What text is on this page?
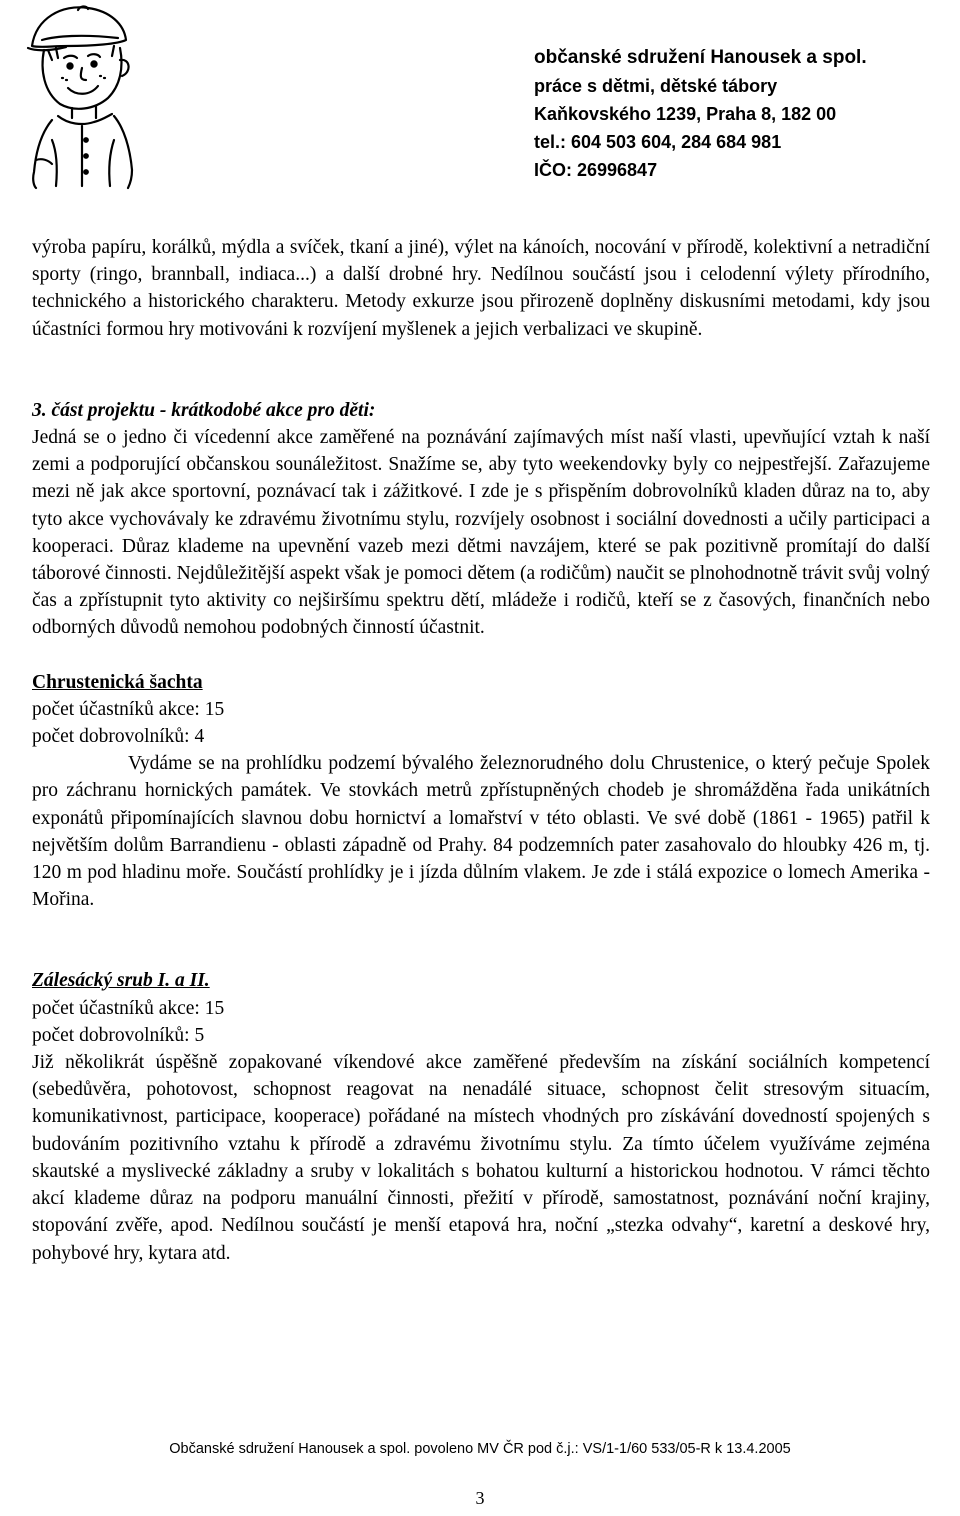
občanské sdružení Hanousek a spol.
práce s dětmi, dětské tábory
Kaňkovského 1239, Praha 8, 182 00
tel.: 604 503 604, 284 684 981
IČO: 26996847

výroba papíru, korálků, mýdla a svíček, tkaní a jiné), výlet na kánoích, nocování v přírodě, kolektivní a netradiční sporty (ringo, brannball, indiaca...) a další drobné hry. Nedílnou součástí jsou i celodenní výlety přírodního, technického a historického charakteru. Metody exkurze jsou přirozeně doplněny diskusními metodami, kdy jsou účastníci formou hry motivováni k rozvíjení myšlenek a jejich verbalizaci ve skupině.

3. část projektu - krátkodobé akce pro děti:

Jedná se o jedno či vícedenní akce zaměřené na poznávání zajímavých míst naší vlasti, upevňující vztah k naší zemi a podporující občanskou sounáležitost. Snažíme se, aby tyto weekendovky byly co nejpestřejší. Zařazujeme mezi ně jak akce sportovní, poznávací tak i zážitkové. I zde je s přispěním dobrovolníků kladen důraz na to, aby tyto akce vychovávaly ke zdravému životnímu stylu, rozvíjely osobnost i sociální dovednosti a učily participaci a kooperaci. Důraz klademe na upevnění vazeb mezi dětmi navzájem, které se pak pozitivně promítají do další táborové činnosti. Nejdůležitější aspekt však je pomoci dětem (a rodičům) naučit se plnohodnotně trávit svůj volný čas a zpřístupnit tyto aktivity co nejširšímu spektru dětí, mládeže i rodičů, kteří se z časových, finančních nebo odborných důvodů nemohou podobných činností účastnit.

Chrustenická šachta

počet účastníků akce: 15

počet dobrovolníků: 4

Vydáme se na prohlídku podzemí bývalého železnorudného dolu Chrustenice, o který pečuje Spolek pro záchranu hornických památek. Ve stovkách metrů zpřístupněných chodeb je shromážděna řada unikátních exponátů připomínajících slavnou dobu hornictví a lomařství v této oblasti. Ve své době (1861 - 1965) patřil k největším dolům Barrandienu - oblasti západně od Prahy. 84 podzemních pater zasahovalo do hloubky 426 m, tj. 120 m pod hladinu moře. Součástí prohlídky je i jízda důlním vlakem. Je zde i stálá expozice o lomech Amerika - Mořina.

Zálesácký srub I. a II.

počet účastníků akce: 15

počet dobrovolníků: 5

Již několikrát úspěšně zopakované víkendové akce zaměřené především na získání sociálních kompetencí (sebedůvěra, pohotovost, schopnost reagovat na nenadálé situace, schopnost čelit stresovým situacím, komunikativnost, participace, kooperace) pořádané na místech vhodných pro získávání dovedností spojených s budováním pozitivního vztahu k přírodě a zdravému životnímu stylu. Za tímto účelem využíváme zejména skautské a myslivecké základny a sruby v lokalitách s bohatou kulturní a historickou hodnotou. V rámci těchto akcí klademe důraz na podporu manuální činnosti, přežití v přírodě, samostatnost, poznávání noční krajiny, stopování zvěře, apod. Nedílnou součástí je menší etapová hra, noční „stezka odvahy“, karetní a deskové hry, pohybové hry, kytara atd.

Občanské sdružení Hanousek a spol. povoleno MV ČR pod č.j.: VS/1-1/60 533/05-R k 13.4.2005
3
